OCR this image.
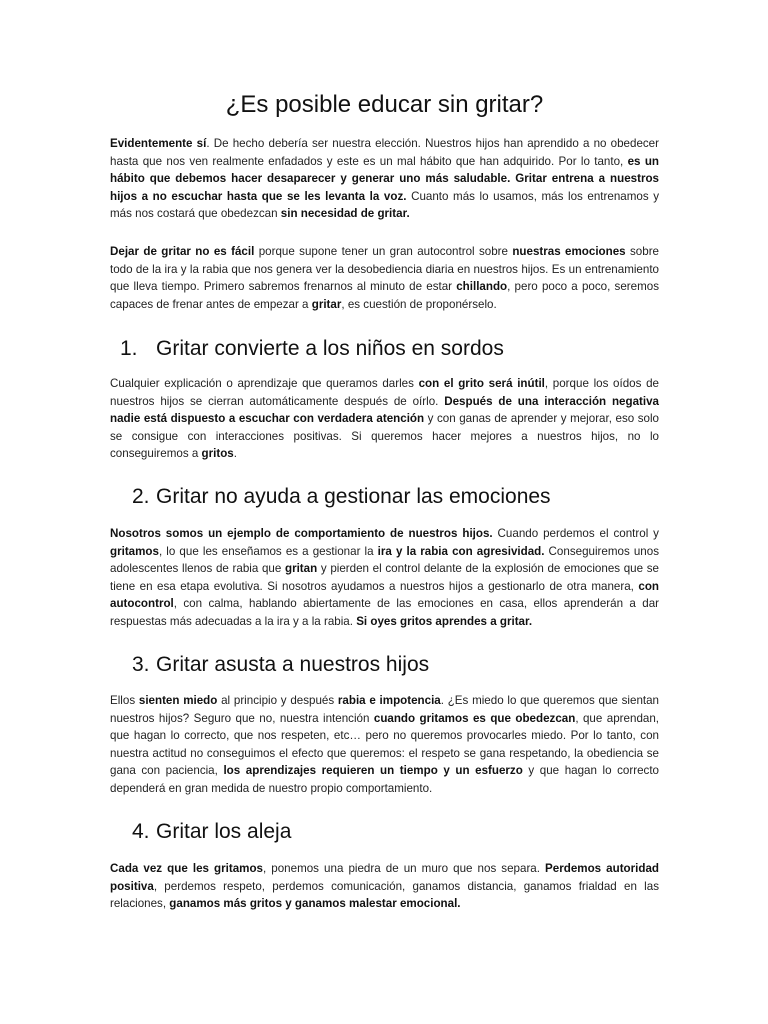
¿Es posible educar sin gritar?

Evidentemente sí. De hecho debería ser nuestra elección. Nuestros hijos han aprendido a no obedecer hasta que nos ven realmente enfadados y este es un mal hábito que han adquirido. Por lo tanto, es un hábito que debemos hacer desaparecer y generar uno más saludable. Gritar entrena a nuestros hijos a no escuchar hasta que se les levanta la voz. Cuanto más lo usamos, más los entrenamos y más nos costará que obedezcan sin necesidad de gritar.

Dejar de gritar no es fácil porque supone tener un gran autocontrol sobre nuestras emociones sobre todo de la ira y la rabia que nos genera ver la desobediencia diaria en nuestros hijos. Es un entrenamiento que lleva tiempo. Primero sabremos frenarnos al minuto de estar chillando, pero poco a poco, seremos capaces de frenar antes de empezar a gritar, es cuestión de proponérselo.

1. Gritar convierte a los niños en sordos

Cualquier explicación o aprendizaje que queramos darles con el grito será inútil, porque los oídos de nuestros hijos se cierran automáticamente después de oírlo. Después de una interacción negativa nadie está dispuesto a escuchar con verdadera atención y con ganas de aprender y mejorar, eso solo se consigue con interacciones positivas. Si queremos hacer mejores a nuestros hijos, no lo conseguiremos a gritos.

2. Gritar no ayuda a gestionar las emociones

Nosotros somos un ejemplo de comportamiento de nuestros hijos. Cuando perdemos el control y gritamos, lo que les enseñamos es a gestionar la ira y la rabia con agresividad. Conseguiremos unos adolescentes llenos de rabia que gritan y pierden el control delante de la explosión de emociones que se tiene en esa etapa evolutiva. Si nosotros ayudamos a nuestros hijos a gestionarlo de otra manera, con autocontrol, con calma, hablando abiertamente de las emociones en casa, ellos aprenderán a dar respuestas más adecuadas a la ira y a la rabia. Si oyes gritos aprendes a gritar.

3. Gritar asusta a nuestros hijos

Ellos sienten miedo al principio y después rabia e impotencia. ¿Es miedo lo que queremos que sientan nuestros hijos? Seguro que no, nuestra intención cuando gritamos es que obedezcan, que aprendan, que hagan lo correcto, que nos respeten, etc… pero no queremos provocarles miedo. Por lo tanto, con nuestra actitud no conseguimos el efecto que queremos: el respeto se gana respetando, la obediencia se gana con paciencia, los aprendizajes requieren un tiempo y un esfuerzo y que hagan lo correcto dependerá en gran medida de nuestro propio comportamiento.

4. Gritar los aleja

Cada vez que les gritamos, ponemos una piedra de un muro que nos separa. Perdemos autoridad positiva, perdemos respeto, perdemos comunicación, ganamos distancia, ganamos frialdad en las relaciones, ganamos más gritos y ganamos malestar emocional.
